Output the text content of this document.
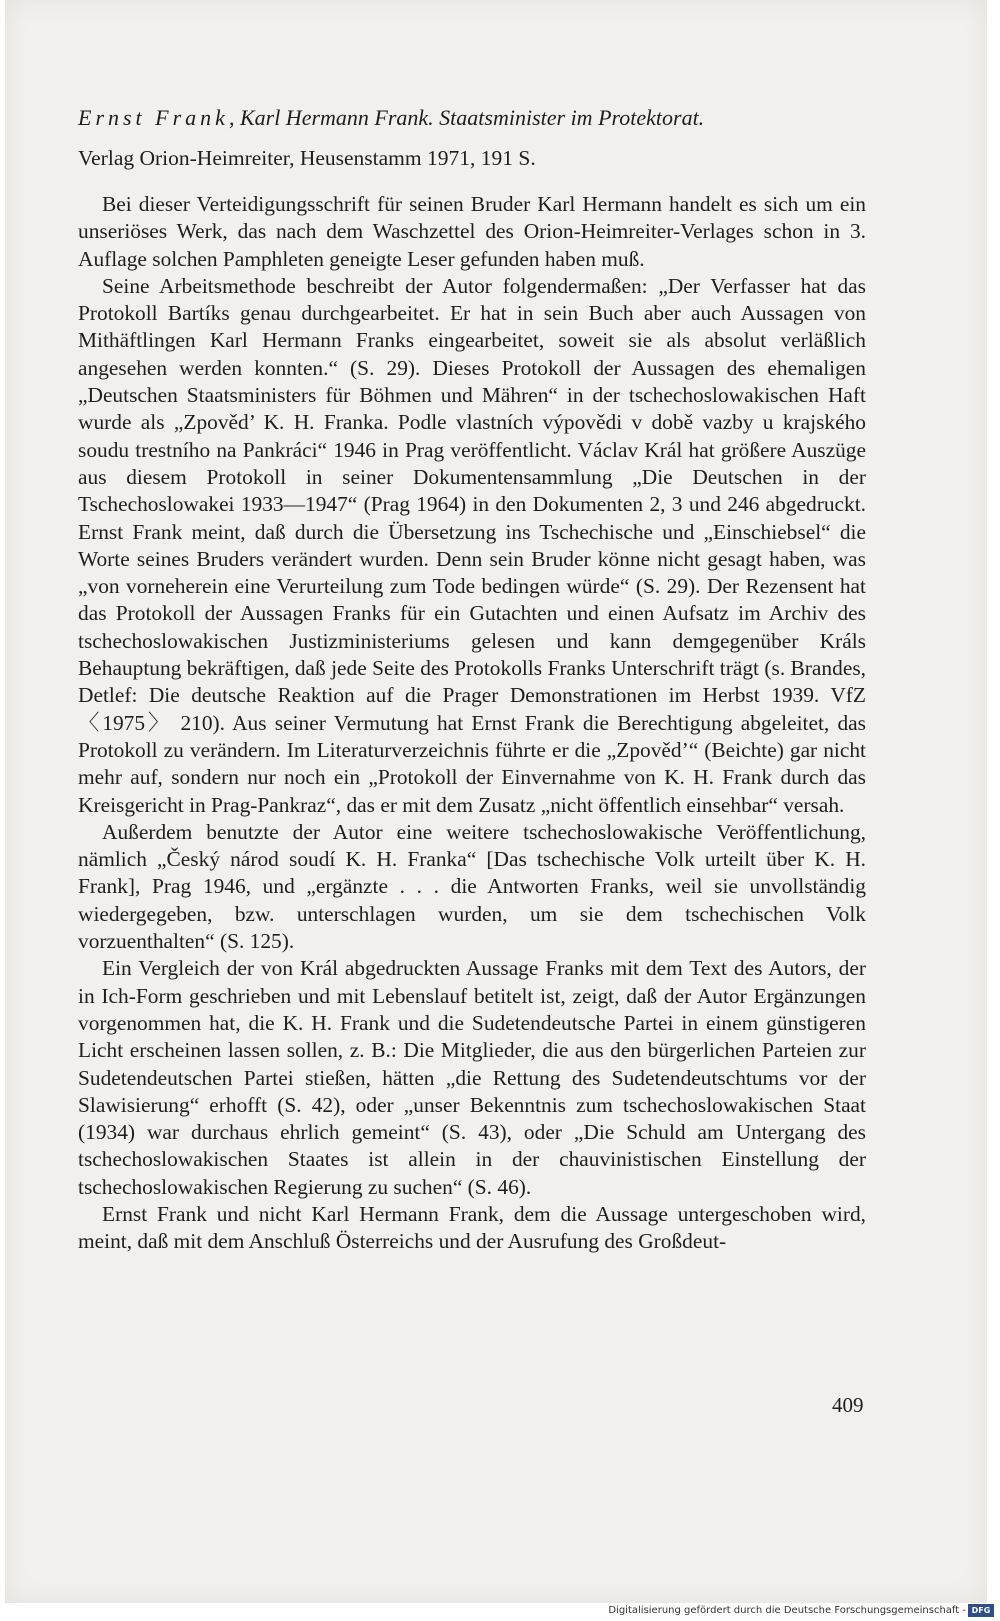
Ernst Frank, Karl Hermann Frank. Staatsminister im Protektorat.

Verlag Orion-Heimreiter, Heusenstamm 1971, 191 S.

Bei dieser Verteidigungsschrift für seinen Bruder Karl Hermann handelt es sich um ein unseriöses Werk, das nach dem Waschzettel des Orion-Heimreiter-Verlages schon in 3. Auflage solchen Pamphleten geneigte Leser gefunden haben muß.

Seine Arbeitsmethode beschreibt der Autor folgendermaßen: „Der Verfasser hat das Protokoll Bartíks genau durchgearbeitet. Er hat in sein Buch aber auch Aussagen von Mithäftlingen Karl Hermann Franks eingearbeitet, soweit sie als absolut verläßlich angesehen werden konnten.“ (S. 29). Dieses Protokoll der Aussagen des ehemaligen „Deutschen Staatsministers für Böhmen und Mähren“ in der tschechoslowakischen Haft wurde als „Zpověd’ K. H. Franka. Podle vlastních výpovědi v době vazby u krajského soudu trestního na Pankráci“ 1946 in Prag veröffentlicht. Václav Král hat größere Auszüge aus diesem Protokoll in seiner Dokumentensammlung „Die Deutschen in der Tschechoslowakei 1933—1947“ (Prag 1964) in den Dokumenten 2, 3 und 246 abgedruckt. Ernst Frank meint, daß durch die Übersetzung ins Tschechische und „Einschiebsel“ die Worte seines Bruders verändert wurden. Denn sein Bruder könne nicht gesagt haben, was „von vorneherein eine Verurteilung zum Tode bedingen würde“ (S. 29). Der Rezensent hat das Protokoll der Aussagen Franks für ein Gutachten und einen Aufsatz im Archiv des tschechoslowakischen Justizministeriums gelesen und kann demgegenüber Králs Behauptung bekräftigen, daß jede Seite des Protokolls Franks Unterschrift trägt (s. Brandes, Detlef: Die deutsche Reaktion auf die Prager Demonstrationen im Herbst 1939. VfZ 〈1975〉 210). Aus seiner Vermutung hat Ernst Frank die Berechtigung abgeleitet, das Protokoll zu verändern. Im Literaturverzeichnis führte er die „Zpověd’“ (Beichte) gar nicht mehr auf, sondern nur noch ein „Protokoll der Einvernahme von K. H. Frank durch das Kreisgericht in Prag-Pankraz“, das er mit dem Zusatz „nicht öffentlich einsehbar“ versah.

Außerdem benutzte der Autor eine weitere tschechoslowakische Veröffentlichung, nämlich „Český národ soudí K. H. Franka“ [Das tschechische Volk urteilt über K. H. Frank], Prag 1946, und „ergänzte . . . die Antworten Franks, weil sie unvollständig wiedergegeben, bzw. unterschlagen wurden, um sie dem tschechischen Volk vorzuenthalten“ (S. 125).

Ein Vergleich der von Král abgedruckten Aussage Franks mit dem Text des Autors, der in Ich-Form geschrieben und mit Lebenslauf betitelt ist, zeigt, daß der Autor Ergänzungen vorgenommen hat, die K. H. Frank und die Sudetendeutsche Partei in einem günstigeren Licht erscheinen lassen sollen, z. B.: Die Mitglieder, die aus den bürgerlichen Parteien zur Sudetendeutschen Partei stießen, hätten „die Rettung des Sudetendeutschtums vor der Slawisierung“ erhofft (S. 42), oder „unser Bekenntnis zum tschechoslowakischen Staat (1934) war durchaus ehrlich gemeint“ (S. 43), oder „Die Schuld am Untergang des tschechoslowakischen Staates ist allein in der chauvinistischen Einstellung der tschechoslowakischen Regierung zu suchen“ (S. 46).

Ernst Frank und nicht Karl Hermann Frank, dem die Aussage untergeschoben wird, meint, daß mit dem Anschluß Österreichs und der Ausrufung des Großdeut-

409
Digitalisierung gefördert durch die Deutsche Forschungsgemeinschaft - DFG
